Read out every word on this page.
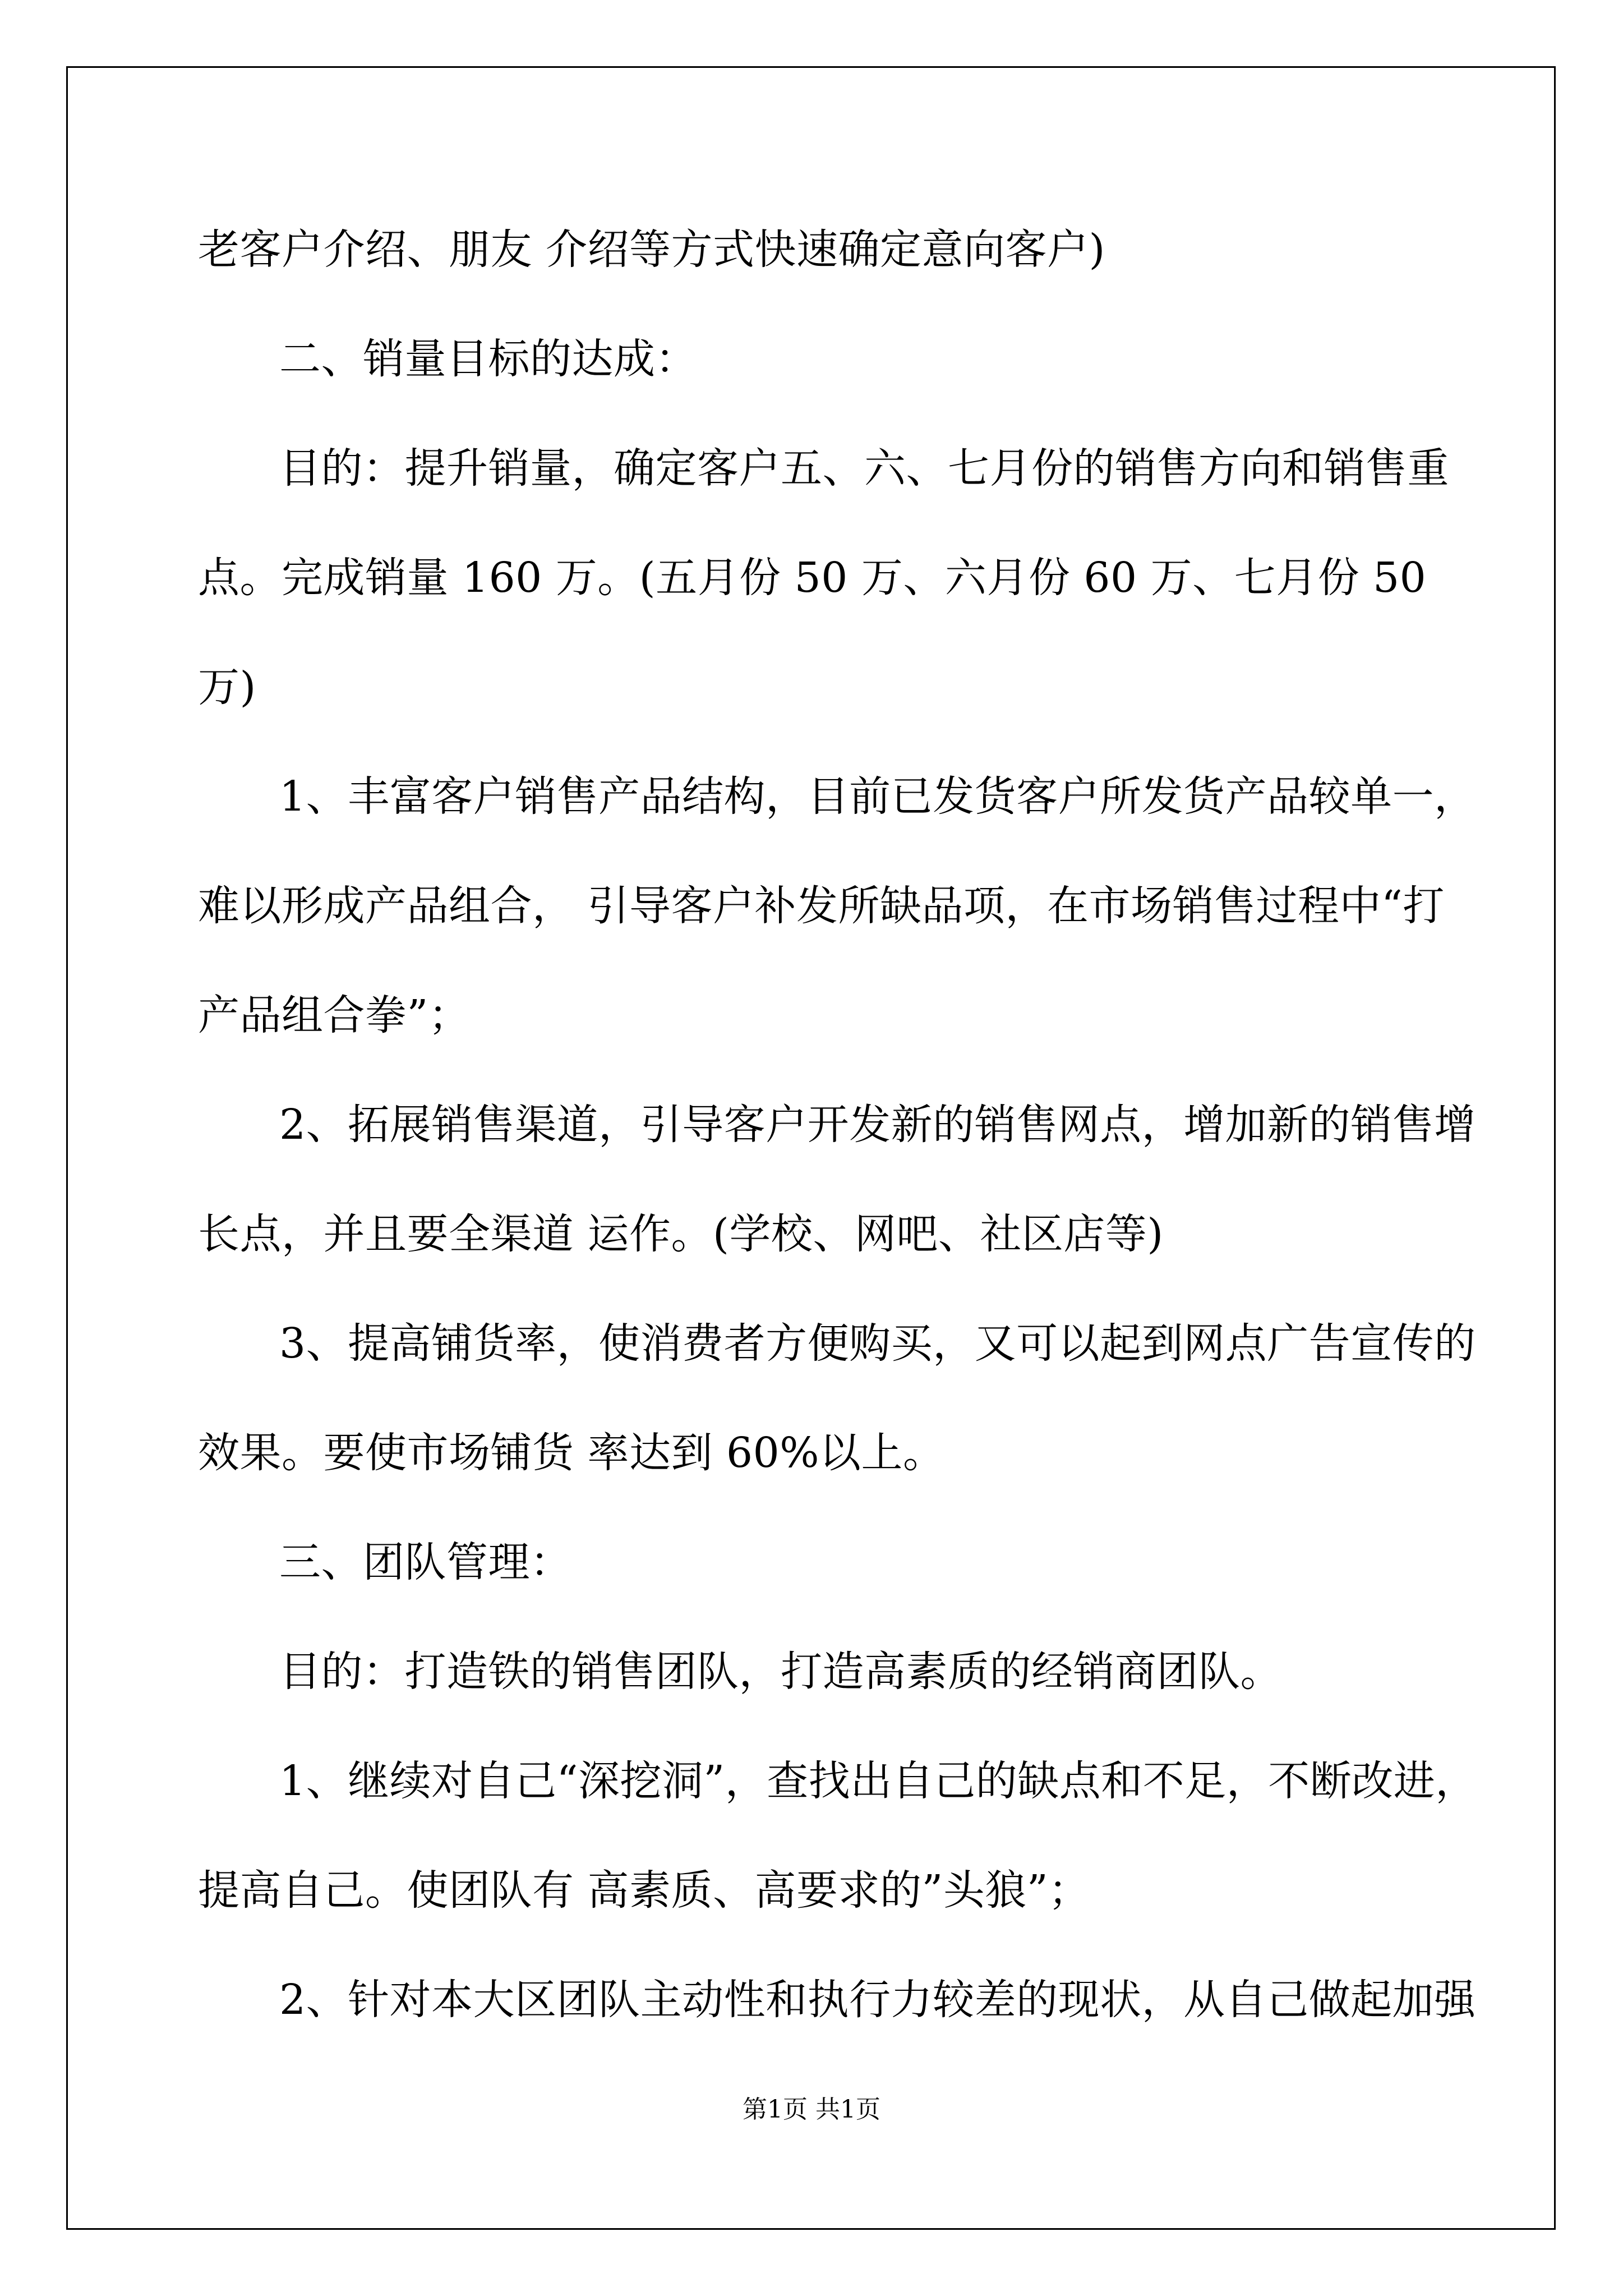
老客户介绍、朋友 介绍等方式快速确定意向客户)
二、销量目标的达成：
目的：提升销量，确定客户五、六、七月份的销售方向和销售重
点。完成销量 160 万。(五月份 50 万、六月份 60 万、七月份 50
万)
1、丰富客户销售产品结构，目前已发货客户所发货产品较单一，
难以形成产品组合， 引导客户补发所缺品项，在市场销售过程中“打
产品组合拳”；
2、拓展销售渠道，引导客户开发新的销售网点，增加新的销售增
长点，并且要全渠道 运作。(学校、网吧、社区店等)
3、提高铺货率，使消费者方便购买，又可以起到网点广告宣传的
效果。要使市场铺货 率达到 60%以上。
三、团队管理：
目的：打造铁的销售团队，打造高素质的经销商团队。
1、继续对自己“深挖洞”，查找出自己的缺点和不足，不断改进，
提高自己。使团队有 高素质、高要求的”头狼”；
2、针对本大区团队主动性和执行力较差的现状，从自己做起加强
第1页 共1页
